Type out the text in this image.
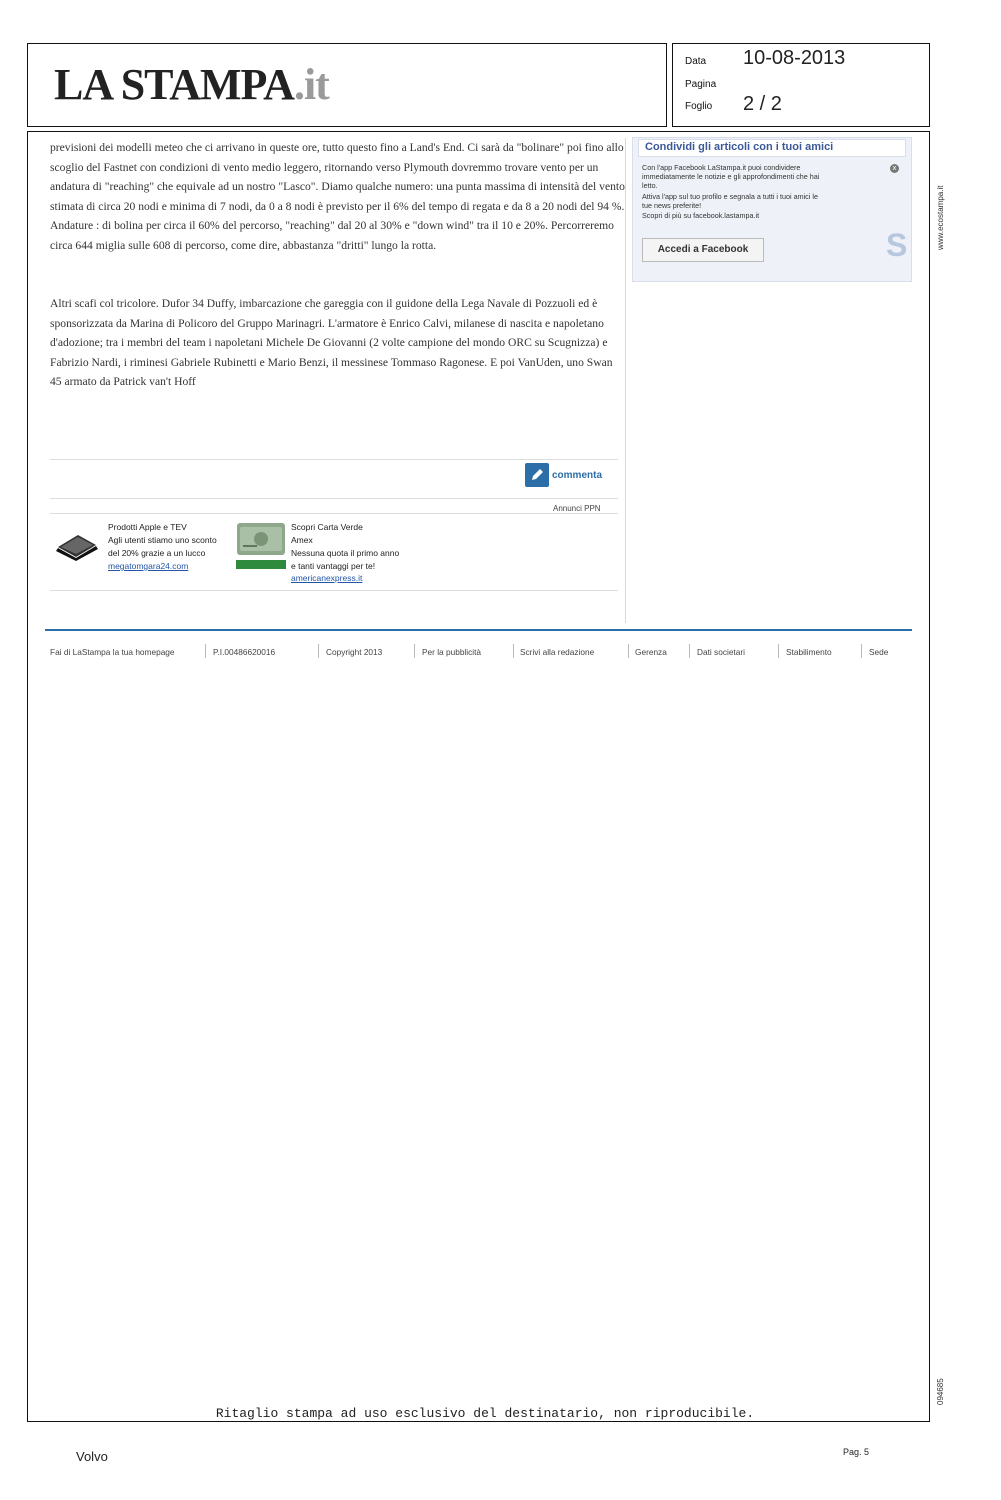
LA STAMPA.it	Data 10-08-2013
Pagina
Foglio 2 / 2

previsioni dei modelli meteo che ci arrivano in queste ore, tutto questo fino a Land's End. Ci sarà da "bolinare" poi fino allo scoglio del Fastnet con condizioni di vento medio leggero, ritornando verso Plymouth dovremmo trovare vento per un andatura di "reaching" che equivale ad un nostro "Lasco". Diamo qualche numero: una punta massima di intensità del vento stimata di circa 20 nodi e minima di 7 nodi, da 0 a 8 nodi è previsto per il 6% del tempo di regata e da 8 a 20 nodi del 94 %. Andature : di bolina per circa il 60% del percorso, "reaching" dal 20 al 30% e "down wind" tra il 10 e 20%. Percorreremo circa 644 miglia sulle 608 di percorso, come dire, abbastanza "dritti" lungo la rotta.

Altri scafi col tricolore. Dufor 34 Duffy, imbarcazione che gareggia con il guidone della Lega Navale di Pozzuoli ed è sponsorizzata da Marina di Policoro del Gruppo Marinagri. L'armatore è Enrico Calvi, milanese di nascita e napoletano d'adozione; tra i membri del team i napoletani Michele De Giovanni (2 volte campione del mondo ORC su Scugnizza) e Fabrizio Nardi, i riminesi Gabriele Rubinetti e Mario Benzi, il messinese Tommaso Ragonese. E poi VanUden, uno Swan 45 armato da Patrick van't Hoff

commenta
Annunci PPN
Prodotti Apple e TEV
Agli utenti stiamo uno sconto
del 20% grazie a un lucco
megatomgara24.com
Scopri Carta Verde
Amex
Nessuna quota il primo anno
e tanti vantaggi per te!
americanexpress.it
Condividi gli articoli con i tuoi amici
x
Con l'app Facebook LaStampa.it puoi condividere
immediatamente le notizie e gli approfondimenti che hai
letto.
Attiva l'app sul tuo profilo e segnala a tutti i tuoi amici le
tue news preferite!
Scopri di più su facebook.lastampa.it
Accedi a Facebook	S
Fai di LaStampa la tua homepage	P.I.00486620016	Copyright 2013	Per la pubblicità	Scrivi alla redazione	Gerenza	Dati societari	Stabilimento	Sede
www.ecostampa.it
094685
Ritaglio stampa ad uso esclusivo del destinatario, non riproducibile.
Volvo	Pag. 5
